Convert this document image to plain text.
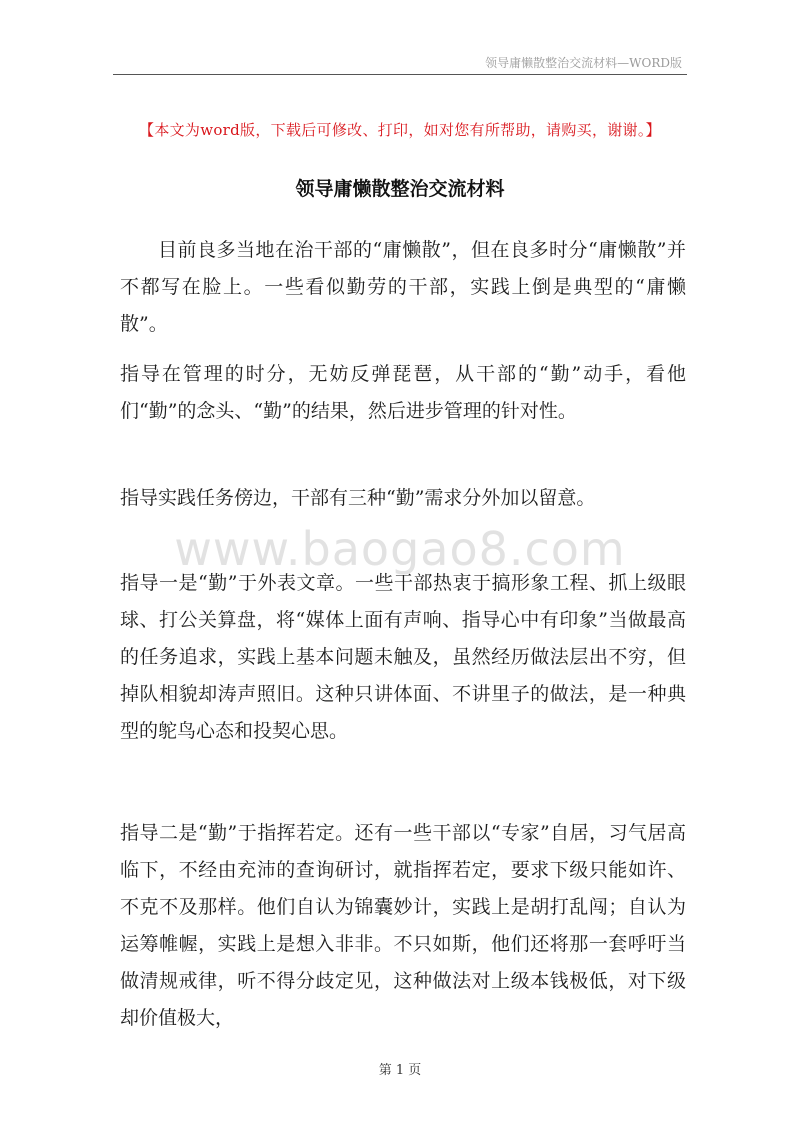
领导庸懒散整治交流材料—WORD版
【本文为word版，下载后可修改、打印，如对您有所帮助，请购买，谢谢。】
领导庸懒散整治交流材料

目前良多当地在治干部的“庸懒散”，但在良多时分“庸懒散”并不都写在脸上。一些看似勤劳的干部，实践上倒是典型的“庸懒散”。

指导在管理的时分，无妨反弹琵琶，从干部的“勤”动手，看他们“勤”的念头、“勤”的结果，然后进步管理的针对性。

指导实践任务傍边，干部有三种“勤”需求分外加以留意。

www.baogao8.com

指导一是“勤”于外表文章。一些干部热衷于搞形象工程、抓上级眼球、打公关算盘，将“媒体上面有声响、指导心中有印象”当做最高的任务追求，实践上基本问题未触及，虽然经历做法层出不穷，但掉队相貌却涛声照旧。这种只讲体面、不讲里子的做法，是一种典型的鸵鸟心态和投契心思。

指导二是“勤”于指挥若定。还有一些干部以“专家”自居，习气居高临下，不经由充沛的查询研讨，就指挥若定，要求下级只能如许、不克不及那样。他们自认为锦囊妙计，实践上是胡打乱闯；自认为运筹帷幄，实践上是想入非非。不只如斯，他们还将那一套呼吁当做清规戒律，听不得分歧定见，这种做法对上级本钱极低，对下级却价值极大，

第 1 页
